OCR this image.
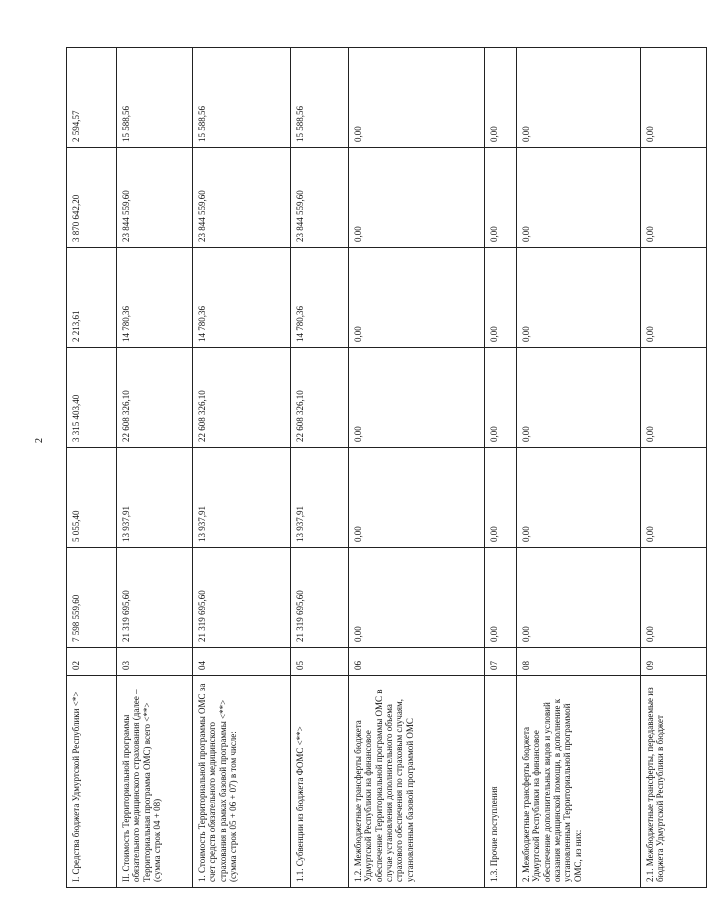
2
I. Средства бюджета Удмуртской Республики <*>	02	7 598 559,60	5 055,40	3 315 403,40	2 213,61	3 870 642,20	2 594,57
II. Стоимость Территориальной программы обязательного медицинского страхования (далее – Территориальная программа ОМС) всего <**> (сумма строк 04 + 08)	03	21 319 695,60	13 937,91	22 608 326,10	14 780,36	23 844 559,60	15 588,56
1. Стоимость Территориальной программы ОМС за счет средств обязательного медицинского страхования в рамках базовой программы <**> (сумма строк 05 + 06 + 07) в том числе:	04	21 319 695,60	13 937,91	22 608 326,10	14 780,36	23 844 559,60	15 588,56
1.1. Субвенции из бюджета ФОМС <**>	05	21 319 695,60	13 937,91	22 608 326,10	14 780,36	23 844 559,60	15 588,56
1.2. Межбюджетные трансферты бюджета Удмуртской Республики на финансовое обеспечение Территориальной программы ОМС в случае установления дополнительного объема страхового обеспечения по страховым случаям, установленным базовой программой ОМС	06	0,00	0,00	0,00	0,00	0,00	0,00
1.3. Прочие поступления	07	0,00	0,00	0,00	0,00	0,00	0,00
2. Межбюджетные трансферты бюджета Удмуртской Республики на финансовое обеспечение дополнительных видов и условий оказания медицинской помощи, в дополнение к установленным Территориальной программой ОМС, из них:	08	0,00	0,00	0,00	0,00	0,00	0,00
2.1. Межбюджетные трансферты, передаваемые из бюджета Удмуртской Республики в бюджет	09	0,00	0,00	0,00	0,00	0,00	0,00
